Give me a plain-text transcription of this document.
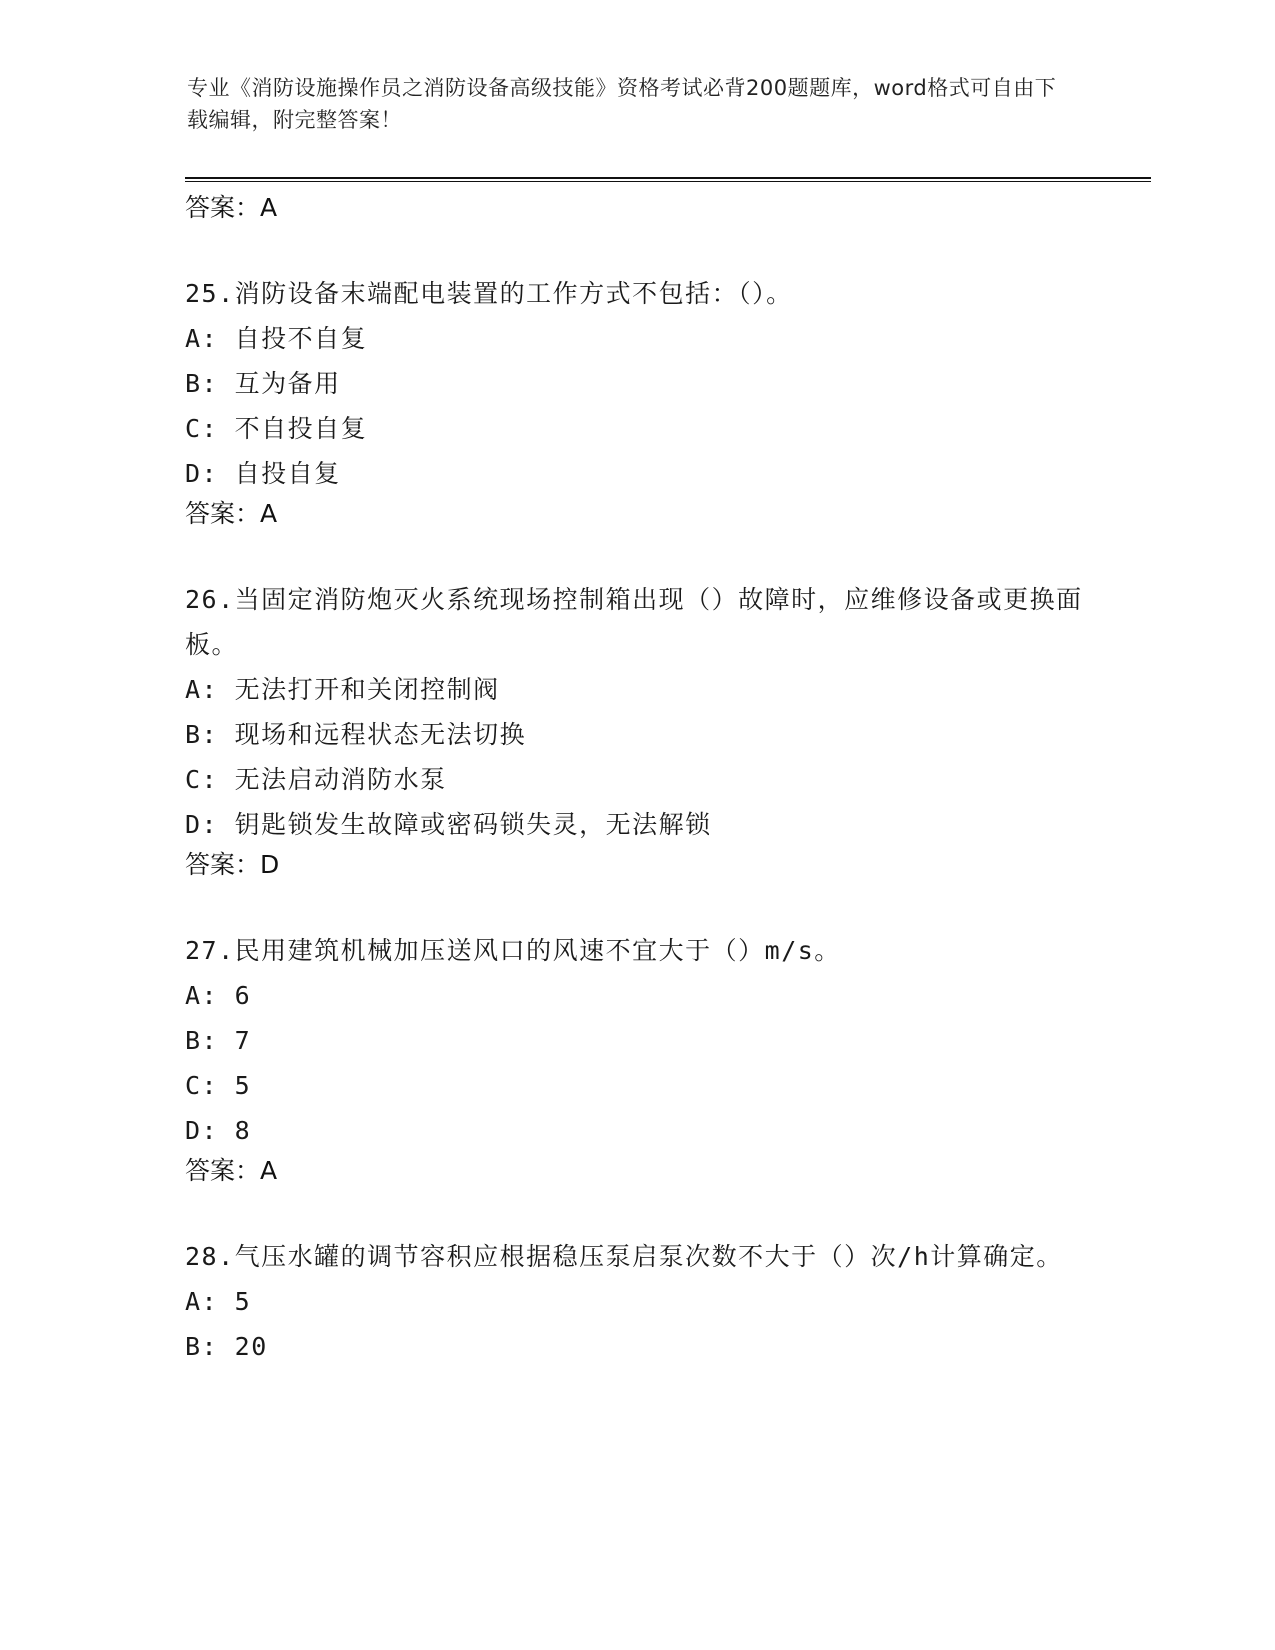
专业《消防设施操作员之消防设备高级技能》资格考试必背200题题库，word格式可自由下载编辑，附完整答案！
答案：A
25.消防设备末端配电装置的工作方式不包括：（）。
A: 自投不自复
B: 互为备用
C: 不自投自复
D: 自投自复
答案：A
26.当固定消防炮灭火系统现场控制箱出现（）故障时，应维修设备或更换面板。
A: 无法打开和关闭控制阀
B: 现场和远程状态无法切换
C: 无法启动消防水泵
D: 钥匙锁发生故障或密码锁失灵，无法解锁
答案：D
27.民用建筑机械加压送风口的风速不宜大于（）m/s。
A: 6
B: 7
C: 5
D: 8
答案：A
28.气压水罐的调节容积应根据稳压泵启泵次数不大于（）次/h计算确定。
A: 5
B: 20
